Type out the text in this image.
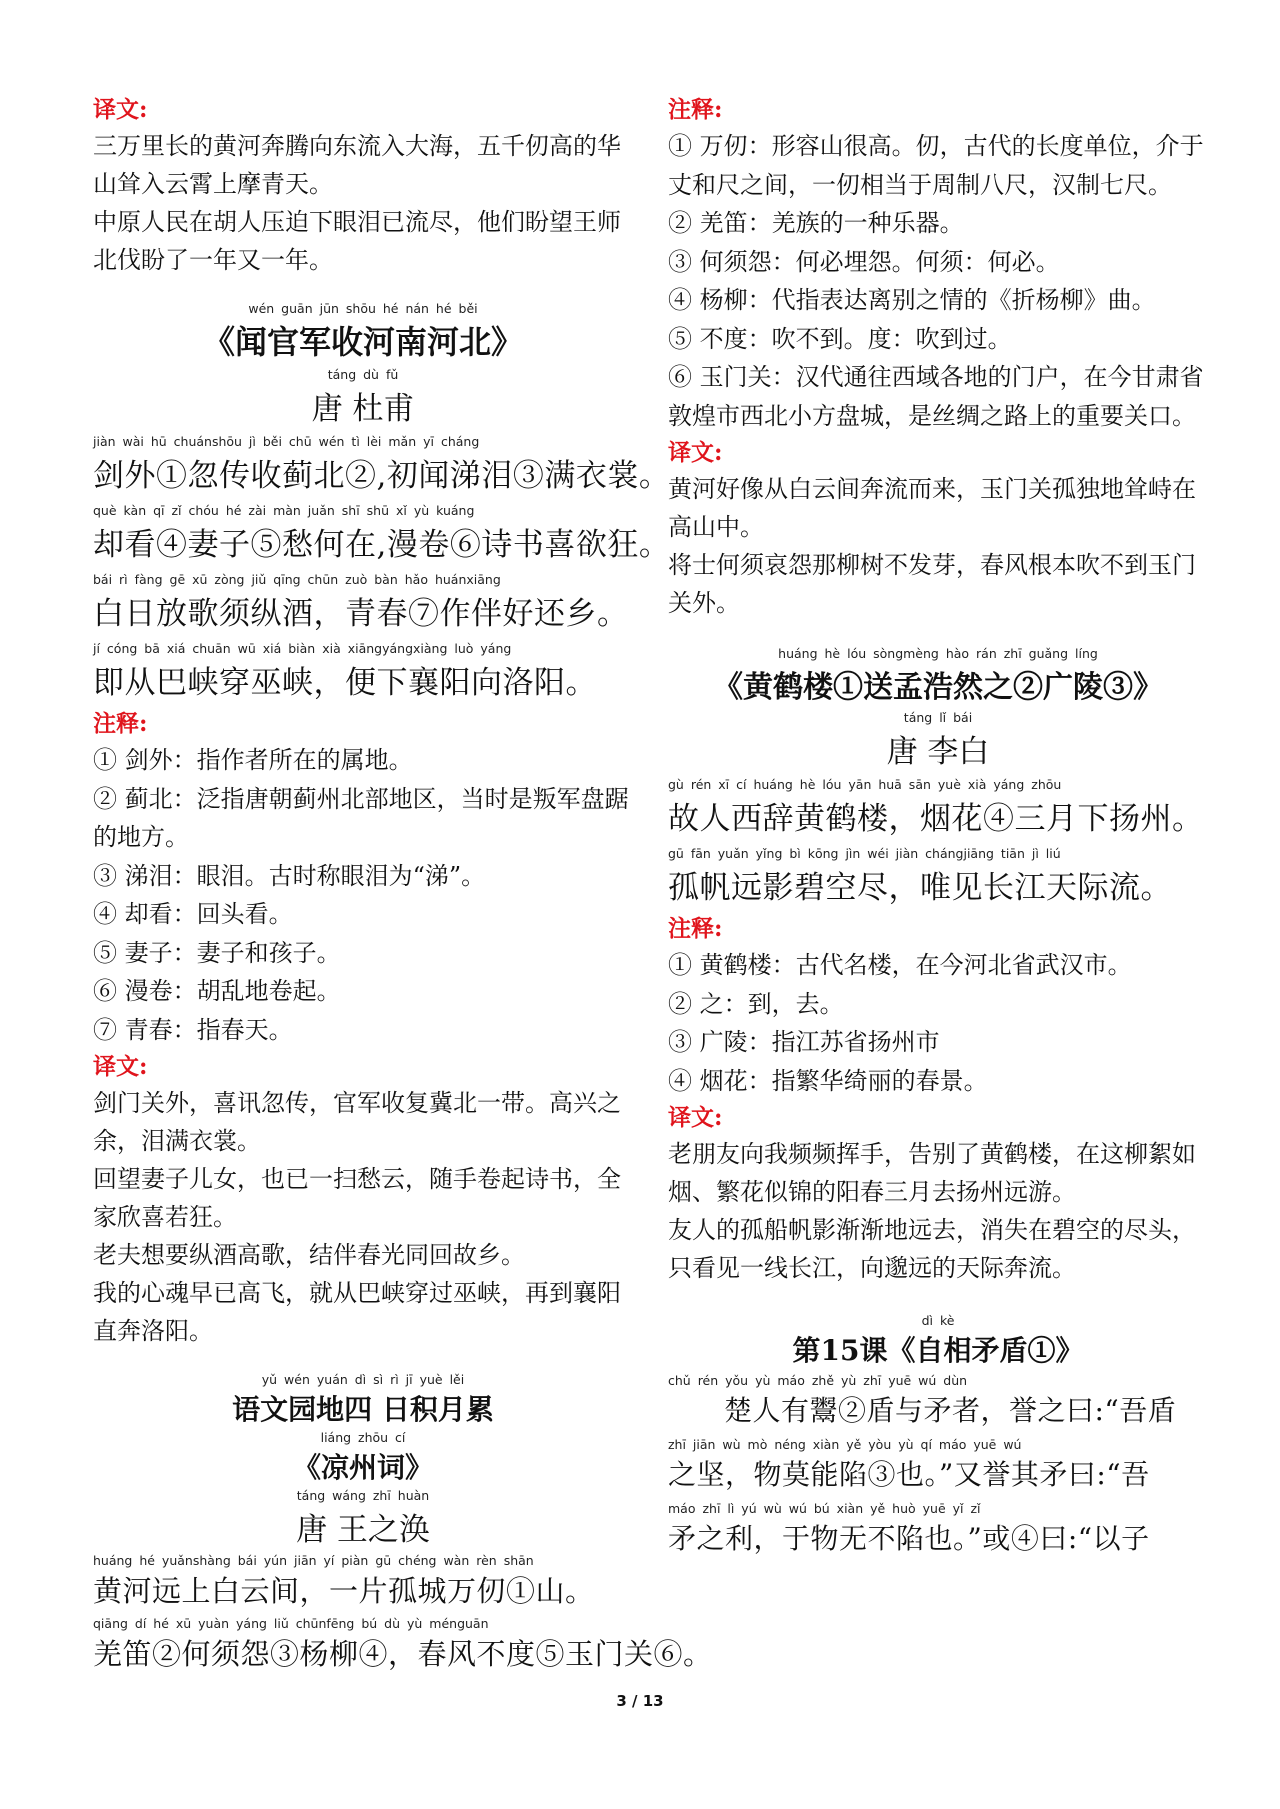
译文:

三万里长的黄河奔腾向东流入大海，五千仞高的华山耸入云霄上摩青天。

中原人民在胡人压迫下眼泪已流尽，他们盼望王师北伐盼了一年又一年。

wén guān jūn shōu hé nán hé běi
《闻官军收河南河北》
táng dù fǔ
唐 杜甫
jiàn wài hū chuánshōu jì běi chū wén tì lèi mǎn yī cháng
剑外①忽传收蓟北②,初闻涕泪③满衣裳。
què kàn qī zǐ chóu hé zài màn juǎn shī shū xǐ yù kuáng
却看④妻子⑤愁何在,漫卷⑥诗书喜欲狂。
bái rì fàng gē xū zòng jiǔ qīng chūn zuò bàn hǎo huánxiāng
白日放歌须纵酒，青春⑦作伴好还乡。
jí cóng bā xiá chuān wū xiá biàn xià xiāngyángxiàng luò yáng
即从巴峡穿巫峡，便下襄阳向洛阳。
注释:

① 剑外：指作者所在的属地。

② 蓟北：泛指唐朝蓟州北部地区，当时是叛军盘踞的地方。

③ 涕泪：眼泪。古时称眼泪为“涕”。

④ 却看：回头看。

⑤ 妻子：妻子和孩子。

⑥ 漫卷：胡乱地卷起。

⑦ 青春：指春天。

译文:

剑门关外，喜讯忽传，官军收复冀北一带。高兴之余，泪满衣裳。

回望妻子儿女，也已一扫愁云，随手卷起诗书，全家欣喜若狂。

老夫想要纵酒高歌，结伴春光同回故乡。

我的心魂早已高飞，就从巴峡穿过巫峡，再到襄阳直奔洛阳。

yǔ wén yuán dì sì rì jī yuè lěi
语文园地四 日积月累
liáng zhōu cí
《凉州词》
táng wáng zhī huàn
唐 王之涣
huáng hé yuǎnshàng bái yún jiān yí piàn gū chéng wàn rèn shān
黄河远上白云间，一片孤城万仞①山。
qiāng dí hé xū yuàn yáng liǔ chūnfēng bú dù yù ménguān
羌笛②何须怨③杨柳④，春风不度⑤玉门关⑥。
注释:

① 万仞：形容山很高。仞，古代的长度单位，介于丈和尺之间，一仞相当于周制八尺，汉制七尺。

② 羌笛：羌族的一种乐器。

③ 何须怨：何必埋怨。何须：何必。

④ 杨柳：代指表达离别之情的《折杨柳》曲。

⑤ 不度：吹不到。度：吹到过。

⑥ 玉门关：汉代通往西域各地的门户，在今甘肃省敦煌市西北小方盘城，是丝绸之路上的重要关口。

译文:

黄河好像从白云间奔流而来，玉门关孤独地耸峙在高山中。

将士何须哀怨那柳树不发芽，春风根本吹不到玉门关外。

huáng hè lóu sòngmèng hào rán zhī guǎng líng
《黄鹤楼①送孟浩然之②广陵③》
táng lǐ bái
唐 李白
gù rén xī cí huáng hè lóu yān huā sān yuè xià yáng zhōu
故人西辞黄鹤楼，烟花④三月下扬州。
gū fān yuǎn yǐng bì kōng jìn wéi jiàn chángjiāng tiān jì liú
孤帆远影碧空尽，唯见长江天际流。
注释:

① 黄鹤楼：古代名楼，在今河北省武汉市。

② 之：到，去。

③ 广陵：指江苏省扬州市

④ 烟花：指繁华绮丽的春景。

译文:

老朋友向我频频挥手，告别了黄鹤楼，在这柳絮如烟、繁花似锦的阳春三月去扬州远游。

友人的孤船帆影渐渐地远去，消失在碧空的尽头，只看见一线长江，向邈远的天际奔流。

dì kè
第15课《自相矛盾①》
chǔ rén yǒu yù máo zhě yù zhī yuē wú dùn
楚人有鬻②盾与矛者，誉之曰:“吾盾
zhī jiān wù mò néng xiàn yě yòu yù qí máo yuē wú
之坚，物莫能陷③也。”又誉其矛曰:“吾
máo zhī lì yú wù wú bú xiàn yě huò yuē yǐ zǐ
矛之利，于物无不陷也。”或④曰:“以子
3 / 13
